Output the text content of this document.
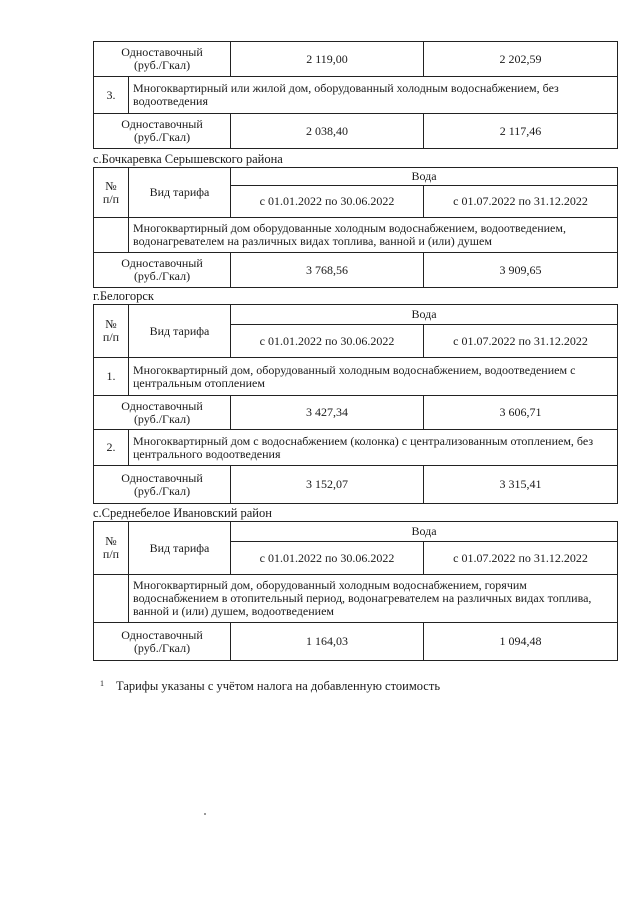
Одноставочный
(руб./Гкал)		2 119,00	2 202,59
3.	Многоквартирный или жилой дом, оборудованный холодным водоснабжением, без водоотведения		
Одноставочный
(руб./Гкал)		2 038,40	2 117,46
с.Бочкаревка Серышевского района
№
п/п	Вид тарифа	Вода	
		с 01.01.2022 по 30.06.2022	с 01.07.2022 по 31.12.2022
	Многоквартирный дом оборудованные холодным водоснабжением, водоотведением, водонагревателем на различных видах топлива, ванной и (или) душем		
Одноставочный
(руб./Гкал)		3 768,56	3 909,65
г.Белогорск
№
п/п	Вид тарифа	Вода	
		с 01.01.2022 по 30.06.2022	с 01.07.2022 по 31.12.2022
1.	Многоквартирный дом, оборудованный холодным водоснабжением, водоотведением с центральным отоплением		
Одноставочный
(руб./Гкал)		3 427,34	3 606,71
2.	Многоквартирный дом с водоснабжением (колонка) с централизованным отоплением, без центрального водоотведения		
Одноставочный
(руб./Гкал)		3 152,07	3 315,41
с.Среднебелое Ивановский район
№
п/п	Вид тарифа	Вода	
		с 01.01.2022 по 30.06.2022	с 01.07.2022 по 31.12.2022
	Многоквартирный дом, оборудованный холодным водоснабжением, горячим водоснабжением в отопительный период, водонагревателем на различных видах топлива, ванной и (или) душем, водоотведением		
Одноставочный
(руб./Гкал)		1 164,03	1 094,48
$^1$ Тарифы указаны с учётом налога на добавленную стоимость
